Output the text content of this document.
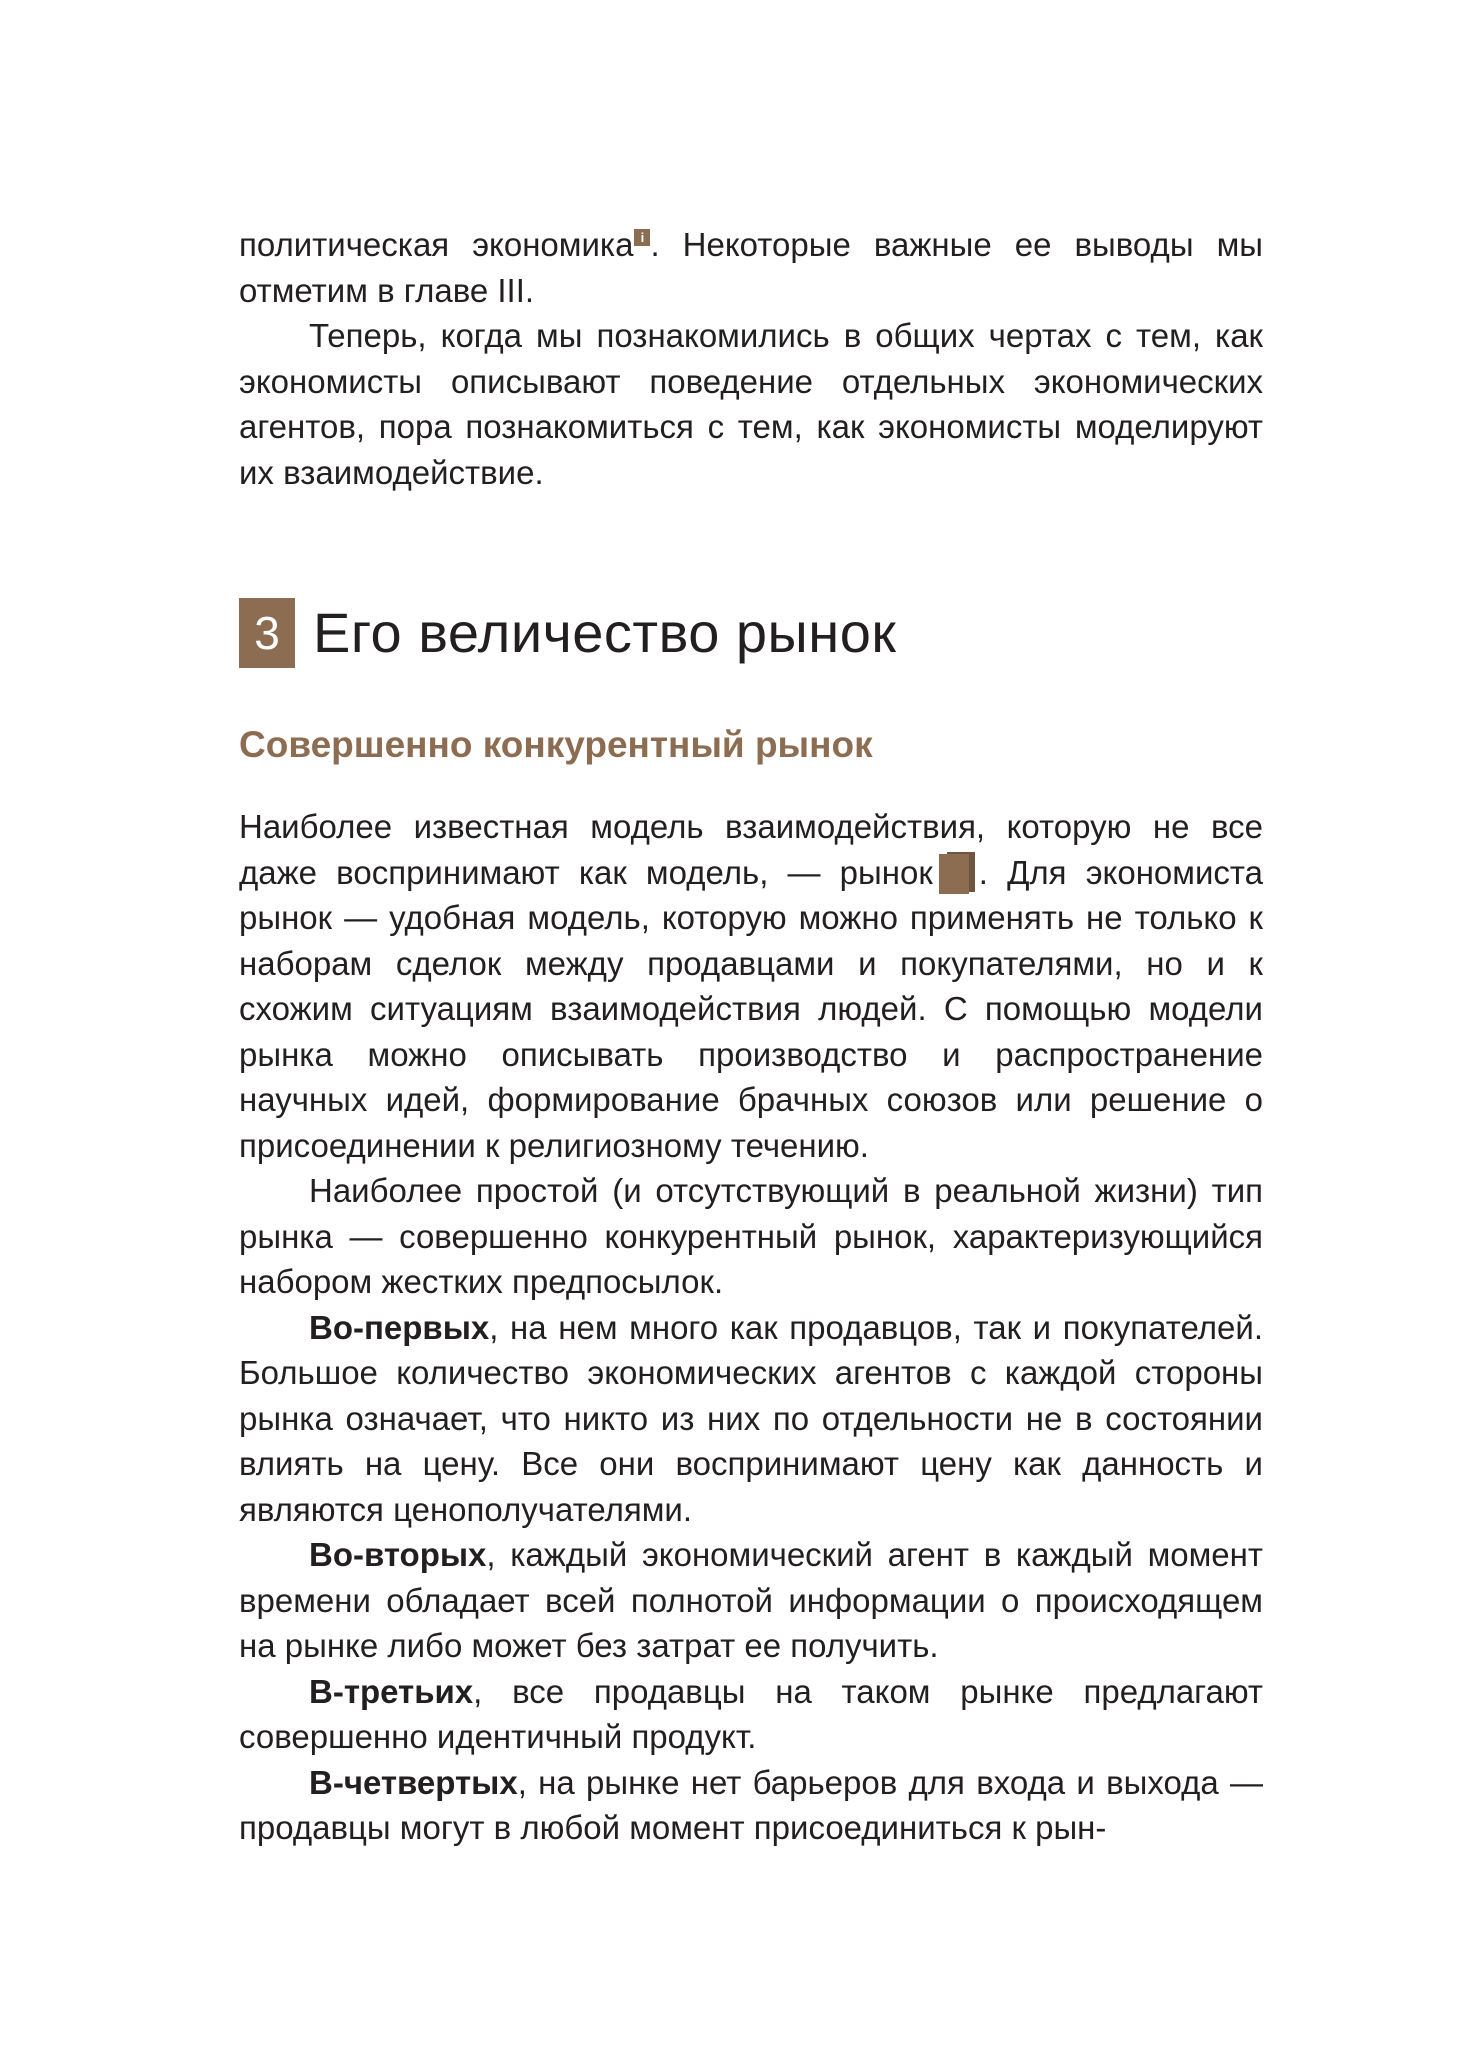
политическая экономика i . Некоторые важные ее выводы мы отметим в главе III.

Теперь, когда мы познакомились в общих чертах с тем, как экономисты описывают поведение отдельных экономических агентов, пора познакомиться с тем, как экономисты моделируют их взаимодействие.

3 Его величество рынок
Совершенно конкурентный рынок

Наиболее известная модель взаимодействия, которую не все даже воспринимают как модель, — рынок . Для экономиста рынок — удобная модель, которую можно применять не только к наборам сделок между продавцами и покупателями, но и к схожим ситуациям взаимодействия людей. С помощью модели рынка можно описывать производство и распространение научных идей, формирование брачных союзов или решение о присоединении к религиозному течению.

Наиболее простой (и отсутствующий в реальной жизни) тип рынка — совершенно конкурентный рынок, характеризующийся набором жестких предпосылок.

Во-первых, на нем много как продавцов, так и покупателей. Большое количество экономических агентов с каждой стороны рынка означает, что никто из них по отдельности не в состоянии влиять на цену. Все они воспринимают цену как данность и являются ценополучателями.

Во-вторых, каждый экономический агент в каждый момент времени обладает всей полнотой информации о происходящем на рынке либо может без затрат ее получить.

В-третьих, все продавцы на таком рынке предлагают совершенно идентичный продукт.

В-четвертых, на рынке нет барьеров для входа и выхода — продавцы могут в любой момент присоединиться к рын-
